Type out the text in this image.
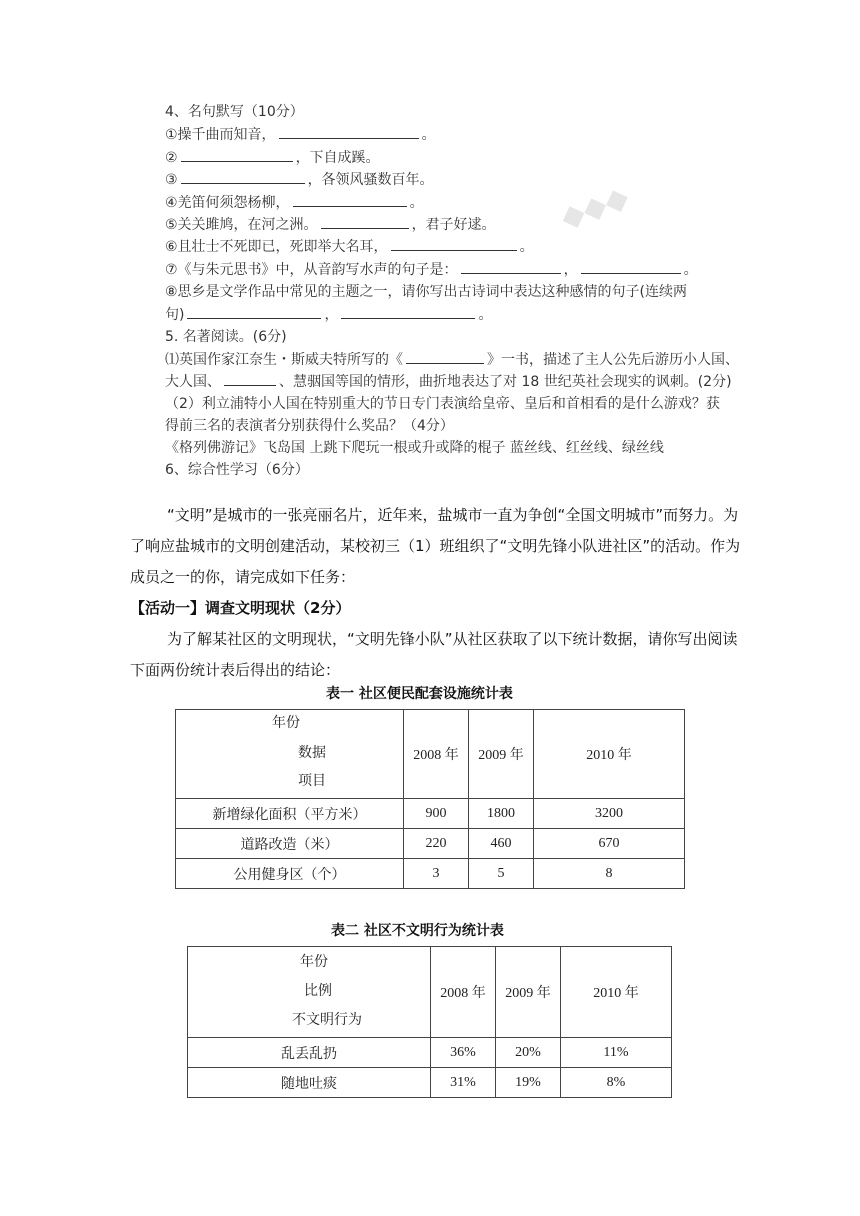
◆◆◆
4、名句默写（10分）
①操千曲而知音，	。
②	，下自成蹊。
③	，各领风骚数百年。
④羌笛何须怨杨柳，	。
⑤关关雎鸠，在河之洲。	，君子好逑。
⑥且壮士不死即已，死即举大名耳，	。
⑦《与朱元思书》中，从音韵写水声的句子是：	，	。
⑧思乡是文学作品中常见的主题之一，请你写出古诗词中表达这种感情的句子(连续两
句)	，	。
5. 名著阅读。(6分)
⑴英国作家江奈生・斯威夫特所写的《	》一书，描述了主人公先后游历小人国、
大人国、	、慧骃国等国的情形，曲折地表达了对 18 世纪英社会现实的讽刺。(2分)
（2）利立浦特小人国在特别重大的节日专门表演给皇帝、皇后和首相看的是什么游戏？获
得前三名的表演者分别获得什么奖品？（4分）
《格列佛游记》飞岛国 上跳下爬玩一根或升或降的棍子 蓝丝线、红丝线、绿丝线
6、综合性学习（6分）
“文明”是城市的一张亮丽名片，近年来，盐城市一直为争创“全国文明城市”而努力。为了响应盐城市的文明创建活动，某校初三（1）班组织了“文明先锋小队进社区”的活动。作为成员之一的你，请完成如下任务：
【活动一】调查文明现状（2分）
为了解某社区的文明现状，“文明先锋小队”从社区获取了以下统计数据，请你写出阅读下面两份统计表后得出的结论：
表一 社区便民配套设施统计表
年份
数据
项目	2008 年	2009 年	2010 年
新增绿化面积（平方米）	900	1800	3200
道路改造（米）	220	460	670
公用健身区（个）	3	5	8
表二 社区不文明行为统计表
年份
比例
不文明行为	2008 年	2009 年	2010 年
乱丢乱扔	36%	20%	11%
随地吐痰	31%	19%	8%
